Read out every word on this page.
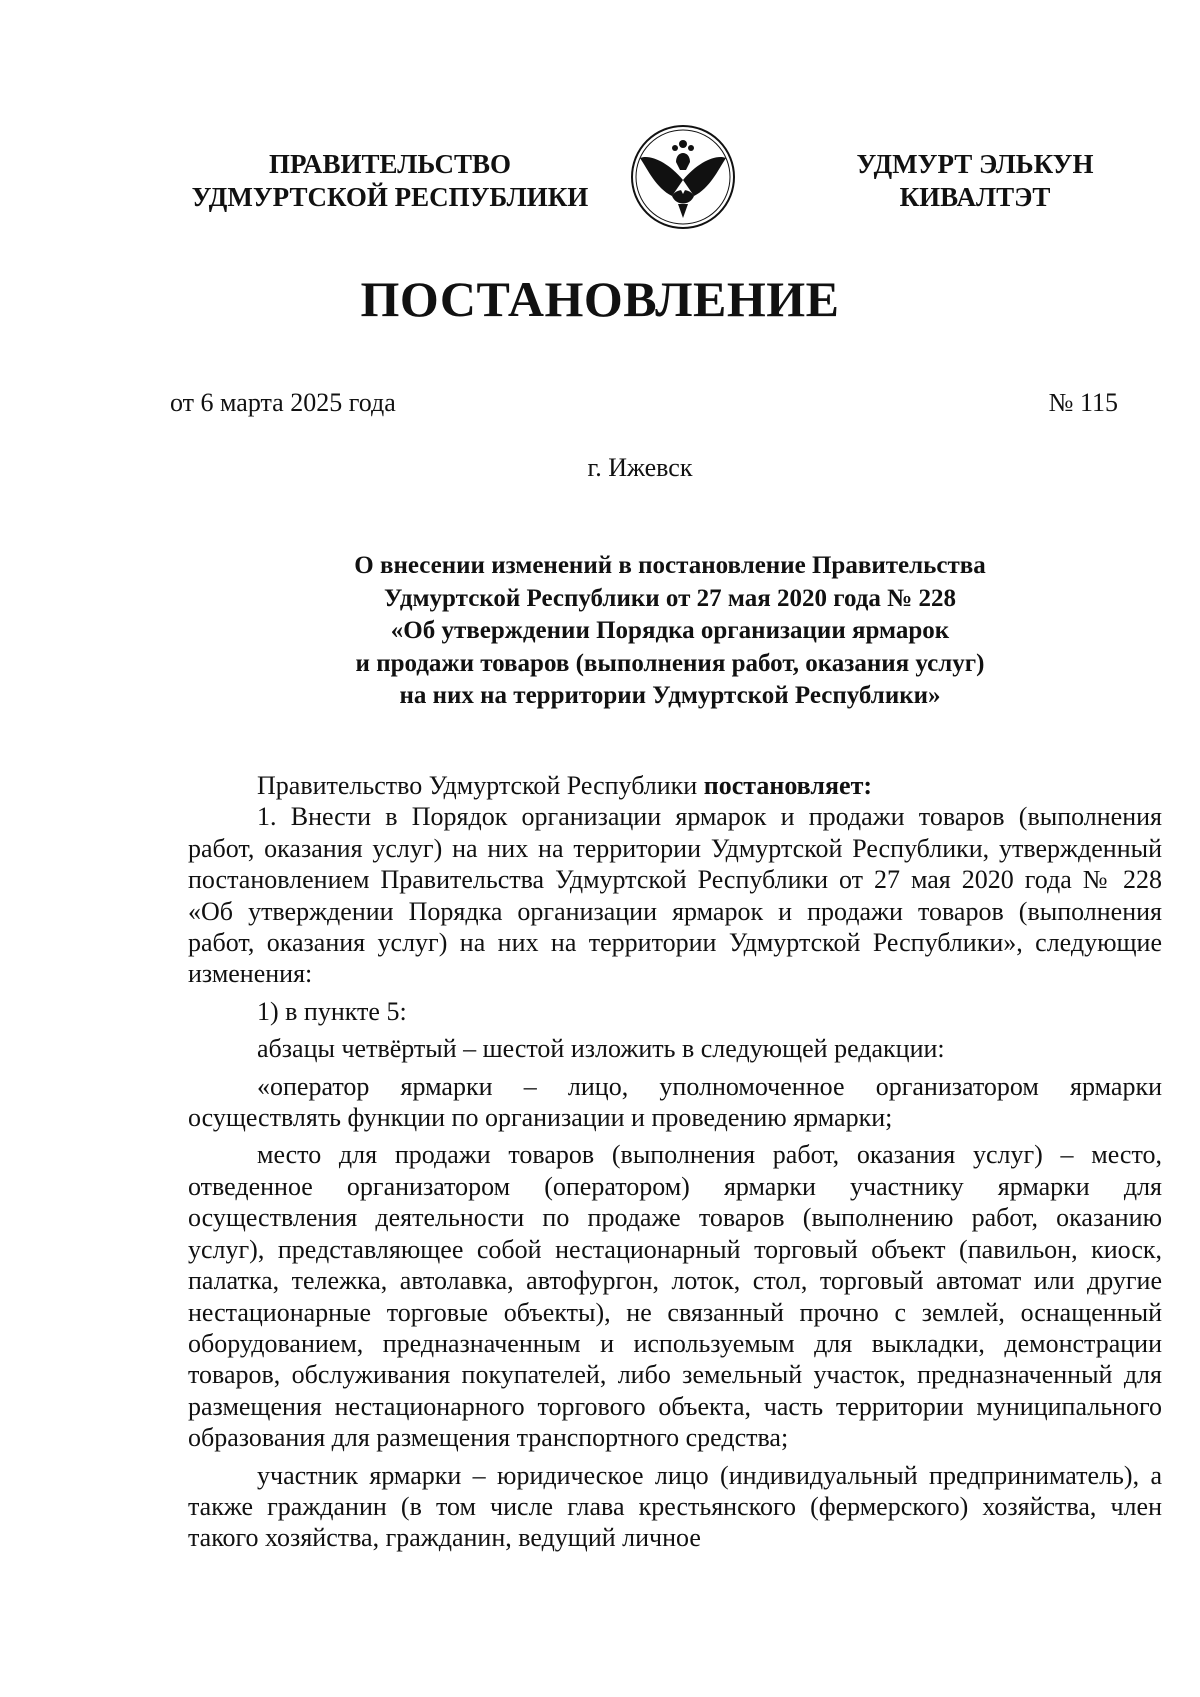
ПРАВИТЕЛЬСТВО
УДМУРТСКОЙ РЕСПУБЛИКИ
УДМУРТ ЭЛЬКУН
КИВАЛТЭТ
ПОСТАНОВЛЕНИЕ
от 6 марта 2025 года	№ 115
г. Ижевск
О внесении изменений в постановление Правительства
Удмуртской Республики от 27 мая 2020 года № 228
«Об утверждении Порядка организации ярмарок
и продажи товаров (выполнения работ, оказания услуг)
на них на территории Удмуртской Республики»

Правительство Удмуртской Республики постановляет:

1. Внести в Порядок организации ярмарок и продажи товаров (выполнения работ, оказания услуг) на них на территории Удмуртской Республики, утвержденный постановлением Правительства Удмуртской Республики от 27 мая 2020 года № 228 «Об утверждении Порядка организации ярмарок и продажи товаров (выполнения работ, оказания услуг) на них на территории Удмуртской Республики», следующие изменения:

1) в пункте 5:

абзацы четвёртый – шестой изложить в следующей редакции:

«оператор ярмарки – лицо, уполномоченное организатором ярмарки осуществлять функции по организации и проведению ярмарки;

место для продажи товаров (выполнения работ, оказания услуг) – место, отведенное организатором (оператором) ярмарки участнику ярмарки для осуществления деятельности по продаже товаров (выполнению работ, оказанию услуг), представляющее собой нестационарный торговый объект (павильон, киоск, палатка, тележка, автолавка, автофургон, лоток, стол, торговый автомат или другие нестационарные торговые объекты), не связанный прочно с землей, оснащенный оборудованием, предназначенным и используемым для выкладки, демонстрации товаров, обслуживания покупателей, либо земельный участок, предназначенный для размещения нестационарного торгового объекта, часть территории муниципального образования для размещения транспортного средства;

участник ярмарки – юридическое лицо (индивидуальный предприниматель), а также гражданин (в том числе глава крестьянского (фермерского) хозяйства, член такого хозяйства, гражданин, ведущий личное
